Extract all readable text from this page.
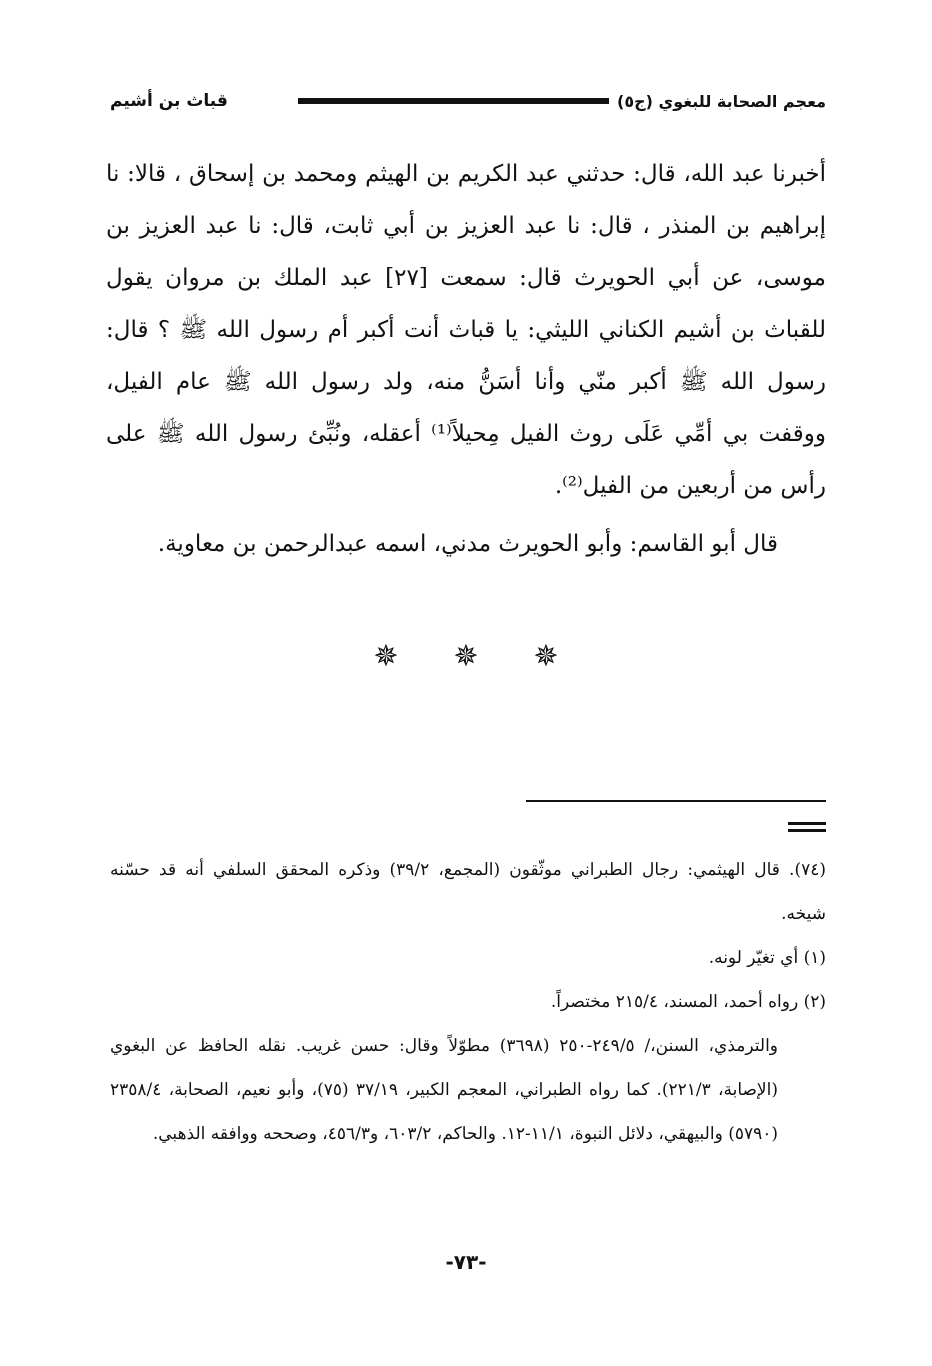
معجم الصحابة للبغوي (ج٥)
قباث بن أشيم

أخبرنا عبد الله، قال: حدثني عبد الكريم بن الهيثم ومحمد بن إسحاق ، قالا: نا إبراهيم بن المنذر ، قال: نا عبد العزيز بن أبي ثابت، قال: نا عبد العزيز بن موسى، عن أبي الحويرث قال: سمعت [٢٧] عبد الملك بن مروان يقول للقباث بن أشيم الكناني الليثي: يا قباث أنت أكبر أم رسول الله ﷺ ؟ قال: رسول الله ﷺ أكبر منّي وأنا أسَنُّ منه، ولد رسول الله ﷺ عام الفيل، ووقفت بي أمِّي عَلَى روث الفيل مِحيلاً⁽¹⁾ أعقله، ونُبِّئ رسول الله ﷺ على رأس من أربعين من الفيل⁽²⁾.

قال أبو القاسم: وأبو الحويرث مدني، اسمه عبدالرحمن بن معاوية.

✵ ✵ ✵

(٧٤). قال الهيثمي: رجال الطبراني موثّقون (المجمع، ٣٩/٢) وذكره المحقق السلفي أنه قد حسّنه شيخه.

(١) أي تغيّر لونه.

(٢) رواه أحمد، المسند، ٢١٥/٤ مختصراً.

والترمذي، السنن،/ ٢٤٩/٥-٢٥٠ (٣٦٩٨) مطوّلاً وقال: حسن غريب. نقله الحافظ عن البغوي (الإصابة، ٢٢١/٣). كما رواه الطبراني، المعجم الكبير، ٣٧/١٩ (٧٥)، وأبو نعيم، الصحابة، ٢٣٥٨/٤ (٥٧٩٠) والبيهقي، دلائل النبوة، ١١/١-١٢. والحاكم، ٦٠٣/٢، و٤٥٦/٣، وصححه ووافقه الذهبي.

-٧٣-
